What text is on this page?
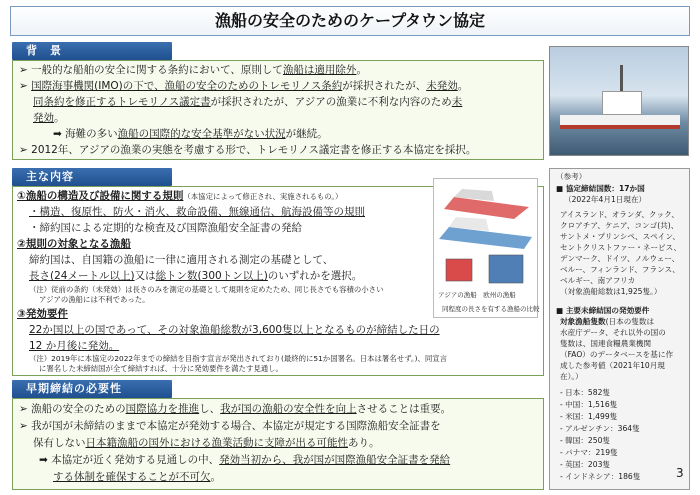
漁船の安全のためのケープタウン協定
背　景
➢ 一般的な船舶の安全に関する条約において、原則して漁船は適用除外。
➢ 国際海事機関(IMO)の下で、漁船の安全のためのトレモリノス条約が採択されたが、未発効。
同条約を修正するトレモリノス議定書が採択されたが、アジアの漁業に不利な内容のため未
発効。
➡ 海難の多い漁船の国際的な安全基準がない状況が継続。
➢ 2012年、アジアの漁業の実態を考慮する形で、トレモリノス議定書を修正する本協定を採択。
主な内容
①漁船の構造及び設備に関する規則（本協定によって修正され、実施されるもの。）
・構造、復原性、防火・消火、救命設備、無線通信、航海設備等の規則
・締約国による定期的な検査及び国際漁船安全証書の発給
②規則の対象となる漁船
締約国は、自国籍の漁船に一律に適用される測定の基礎として、
長さ(24メートル以上)又は総トン数(300トン以上)のいずれかを選択。
（注）従前の条約（未発効）は長さのみを測定の基礎として規則を定めたため、同じ長さでも容積の小さい
アジアの漁船には不利であった。
③発効要件
22か国以上の国であって、その対象漁船総数が3,600隻以上となるものが締結した日の
12 か月後に発効。
（注）2019年に本協定の2022年までの締結を目指す宣言が発出されており(最終的に51か国署名。日本は署名せず。)、同宣言
に署名した未締結国が全て締結すれば、十分に発効要件を満たす見通し。
アジアの漁船　欧州の漁船
同程度の長さを有する漁船の比較
早期締結の必要性
➢ 漁船の安全のための国際協力を推進し、我が国の漁船の安全性を向上させることは重要。
➢ 我が国が未締結のままで本協定が発効する場合、本協定が規定する国際漁船安全証書を
保有しない日本籍漁船の国外における漁業活動に支障が出る可能性あり。
➡ 本協定が近く発効する見通しの中、発効当初から、我が国が国際漁船安全証書を発給
する体制を確保することが不可欠。
（参考）
■ 協定締結国数：17か国
（2022年4月1日現在）
アイスランド、オランダ、クック、
クロアチア、ケニア、コンゴ(共)、
サントメ・プリンシペ、スペイン、
セントクリストファー・ネービス、
デンマーク、ドイツ、ノルウェー、
ベルー、フィンランド、フランス、
ベルギー、南アフリカ
（対象漁船総数は1,925隻。）
■ 主要未締結国の発効要件
対象漁船隻数(日本の隻数は
水産庁データ、それ以外の国の
隻数は、国連食糧農業機関
（FAO）のデータベースを基に作
成した参考値（2021年10月現
在）。）
- 日本：582隻
- 中国：1,516隻
- 米国：1,499隻
- アルゼンチン：364隻
- 韓国：250隻
- パナマ：219隻
- 英国：203隻
- インドネシア：186隻	3
